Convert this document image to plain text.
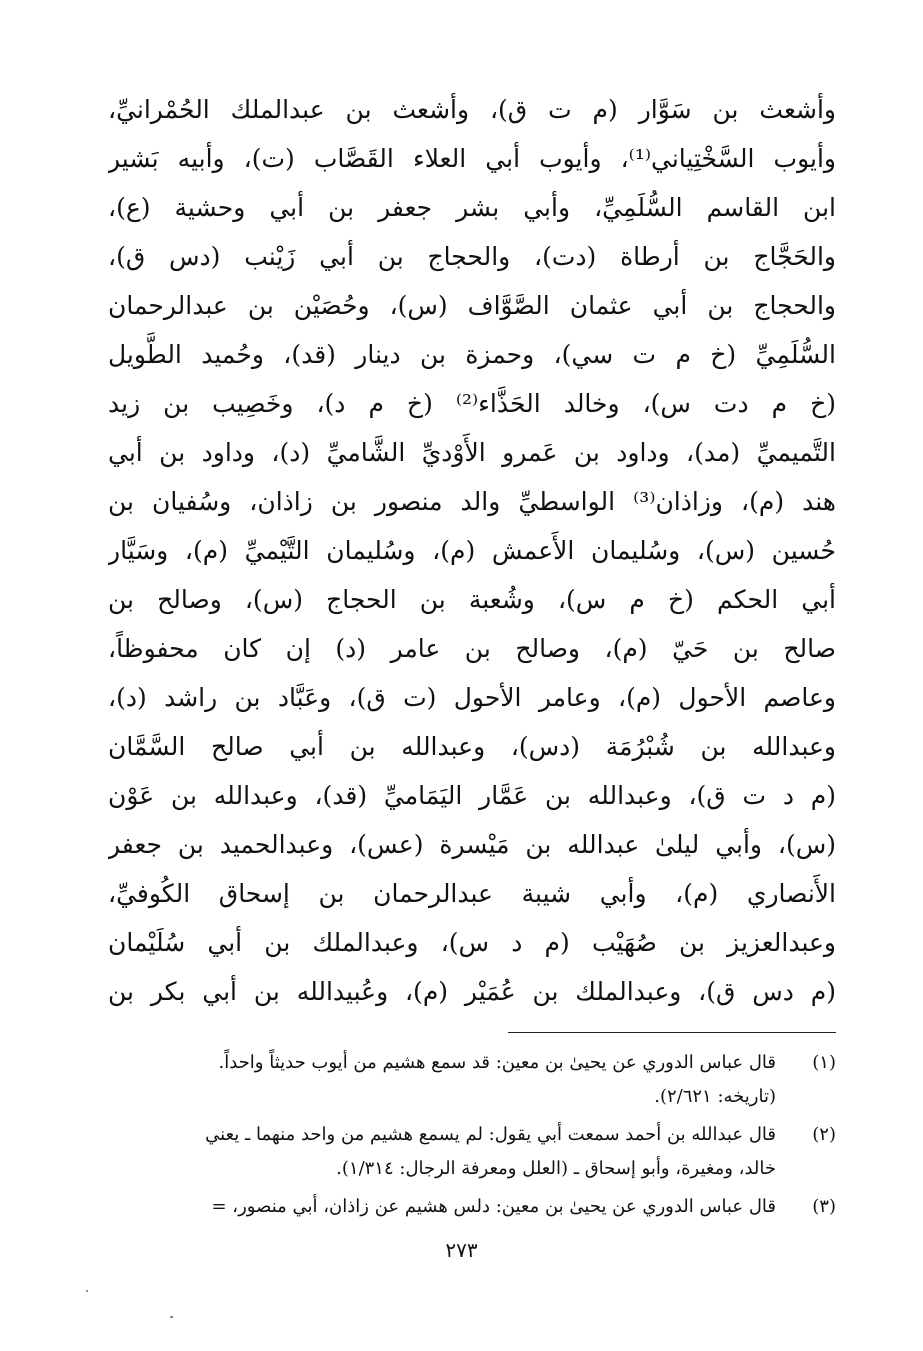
وأشعث بن سَوَّار (م ت ق)، وأشعث بن عبدالملك الحُمْرانيِّ،
وأيوب السَّخْتِياني⁽¹⁾، وأيوب أبي العلاء القَصَّاب (ت)، وأبيه بَشير
ابن القاسم السُّلَمِيِّ، وأبي بشر جعفر بن أبي وحشية (ع)،
والحَجَّاج بن أرطاة (دت)، والحجاج بن أبي زَيْنب (دس ق)،
والحجاج بن أبي عثمان الصَّوَّاف (س)، وحُصَيْن بن عبدالرحمان
السُّلَمِيِّ (خ م ت سي)، وحمزة بن دينار (قد)، وحُميد الطَّويل
(خ م دت س)، وخالد الحَذَّاء⁽²⁾ (خ م د)، وخَصِيب بن زيد
التَّميميِّ (مد)، وداود بن عَمرو الأَوْديِّ الشَّاميِّ (د)، وداود بن أبي
هند (م)، وزاذان⁽³⁾ الواسطيِّ والد منصور بن زاذان، وسُفيان بن
حُسين (س)، وسُليمان الأَعمش (م)، وسُليمان التَّيْميِّ (م)، وسَيَّار
أبي الحكم (خ م س)، وشُعبة بن الحجاج (س)، وصالح بن
صالح بن حَيّ (م)، وصالح بن عامر (د) إن كان محفوظاً،
وعاصم الأحول (م)، وعامر الأحول (ت ق)، وعَبَّاد بن راشد (د)،
وعبدالله بن شُبْرُمَة (دس)، وعبدالله بن أبي صالح السَّمَّان
(م د ت ق)، وعبدالله بن عَمَّار اليَمَاميِّ (قد)، وعبدالله بن عَوْن
(س)، وأبي ليلىٰ عبدالله بن مَيْسرة (عس)، وعبدالحميد بن جعفر
الأَنصاري (م)، وأبي شيبة عبدالرحمان بن إسحاق الكُوفيِّ،
وعبدالعزيز بن صُهَيْب (م د س)، وعبدالملك بن أبي سُلَيْمان
(م دس ق)، وعبدالملك بن عُمَيْر (م)، وعُبيدالله بن أبي بكر بن
(١)
قال عباس الدوري عن يحيىٰ بن معين: قد سمع هشيم من أيوب حديثاً واحداً.
(تاريخه: ٢/٦٢١).
(٢)
قال عبدالله بن أحمد سمعت أبي يقول: لم يسمع هشيم من واحد منهما ـ يعني
خالد، ومغيرة، وأبو إسحاق ـ (العلل ومعرفة الرجال: ١/٣١٤).
(٣)
قال عباس الدوري عن يحيىٰ بن معين: دلس هشيم عن زاذان، أبي منصور، =
٢٧٣
